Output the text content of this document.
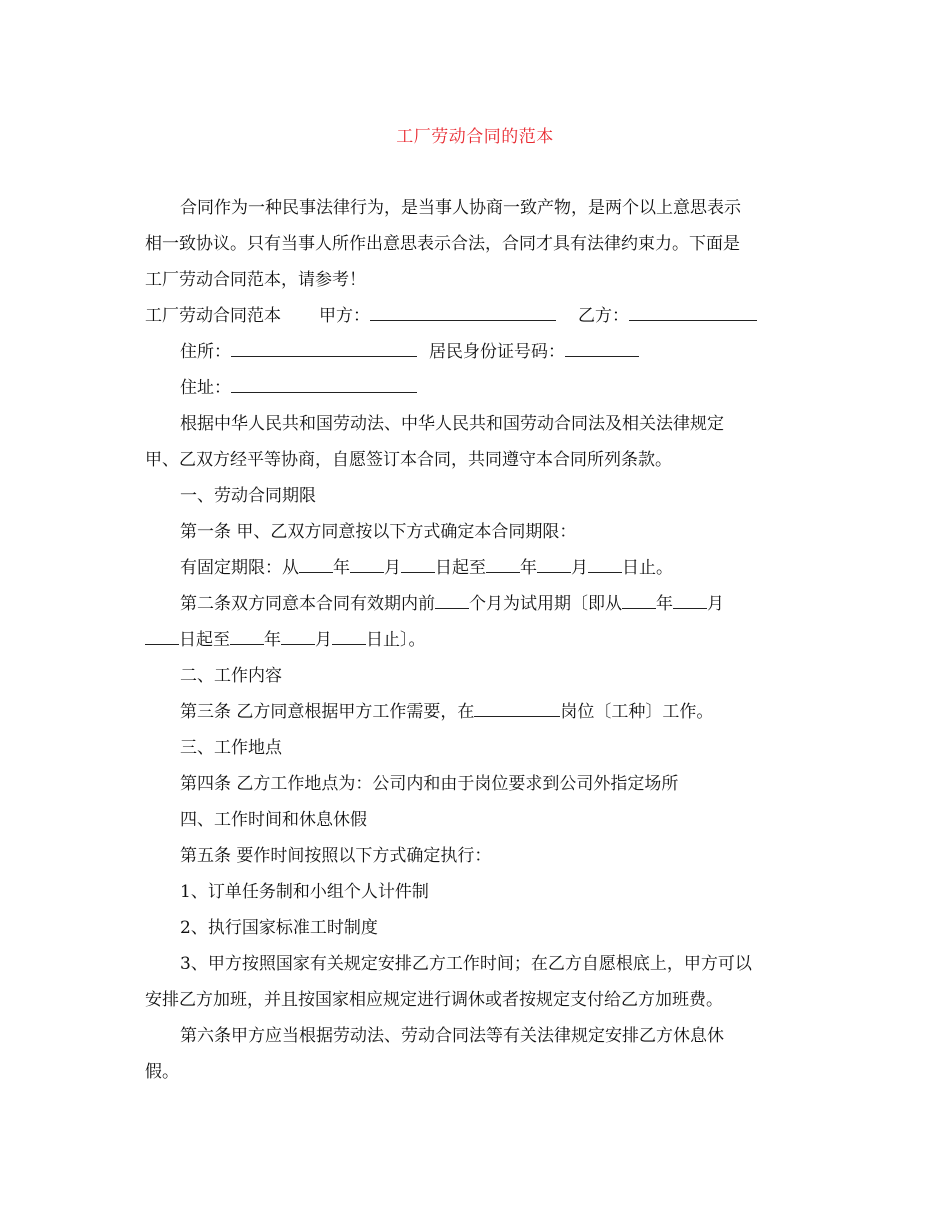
工厂劳动合同的范本
合同作为一种民事法律行为，是当事人协商一致产物，是两个以上意思表示
相一致协议。只有当事人所作出意思表示合法，合同才具有法律约束力。下面是
工厂劳动合同范本，请参考！
工厂劳动合同范本 甲方：	乙方：
住所：	居民身份证号码：
住址：
根据中华人民共和国劳动法、中华人民共和国劳动合同法及相关法律规定
甲、乙双方经平等协商，自愿签订本合同，共同遵守本合同所列条款。
一、劳动合同期限
第一条 甲、乙双方同意按以下方式确定本合同期限：
有固定期限：从 年 月 日起至 年 月 日止。
第二条双方同意本合同有效期内前 个月为试用期〔即从 年 月
日起至 年 月 日止〕。
二、工作内容
第三条 乙方同意根据甲方工作需要，在	岗位〔工种〕工作。
三、工作地点
第四条 乙方工作地点为：公司内和由于岗位要求到公司外指定场所
四、工作时间和休息休假
第五条 要作时间按照以下方式确定执行：
1、订单任务制和小组个人计件制
2、执行国家标准工时制度
3、甲方按照国家有关规定安排乙方工作时间；在乙方自愿根底上，甲方可以
安排乙方加班，并且按国家相应规定进行调休或者按规定支付给乙方加班费。
第六条甲方应当根据劳动法、劳动合同法等有关法律规定安排乙方休息休
假。
